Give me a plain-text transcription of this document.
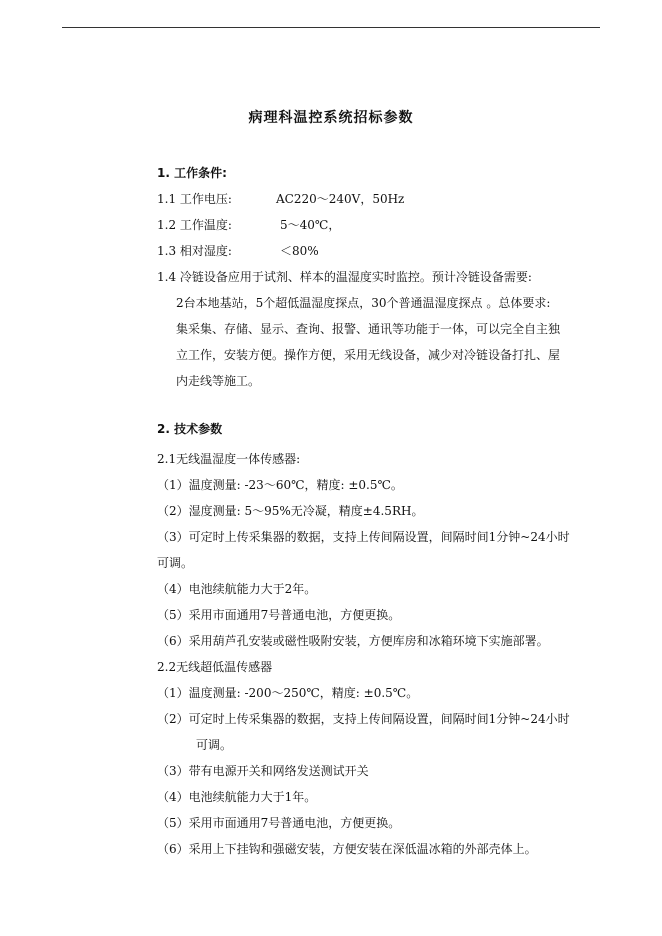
病理科温控系统招标参数
1. 工作条件:
1.1 工作电压:	AC220～240V，50Hz
1.2 工作温度:	5～40℃，
1.3 相对湿度:	＜80%
1.4 冷链设备应用于试剂、样本的温湿度实时监控。预计冷链设备需要:
2台本地基站，5个超低温湿度探点，30个普通温湿度探点 。总体要求:
集采集、存储、显示、查询、报警、通讯等功能于一体，可以完全自主独
立工作，安装方便。操作方便，采用无线设备，减少对冷链设备打扎、屋
内走线等施工。
2. 技术参数
2.1无线温湿度一体传感器:
（1）温度测量: -23～60℃，精度: ±0.5℃。
（2）湿度测量: 5～95%无冷凝，精度±4.5RH。
（3）可定时上传采集器的数据，支持上传间隔设置，间隔时间1分钟~24小时
可调。
（4）电池续航能力大于2年。
（5）采用市面通用7号普通电池，方便更换。
（6）采用葫芦孔安装或磁性吸附安装，方便库房和冰箱环境下实施部署。
2.2无线超低温传感器
（1）温度测量: -200～250℃，精度: ±0.5℃。
（2）可定时上传采集器的数据，支持上传间隔设置，间隔时间1分钟~24小时
可调。
（3）带有电源开关和网络发送测试开关
（4）电池续航能力大于1年。
（5）采用市面通用7号普通电池，方便更换。
（6）采用上下挂钩和强磁安装，方便安装在深低温冰箱的外部壳体上。
